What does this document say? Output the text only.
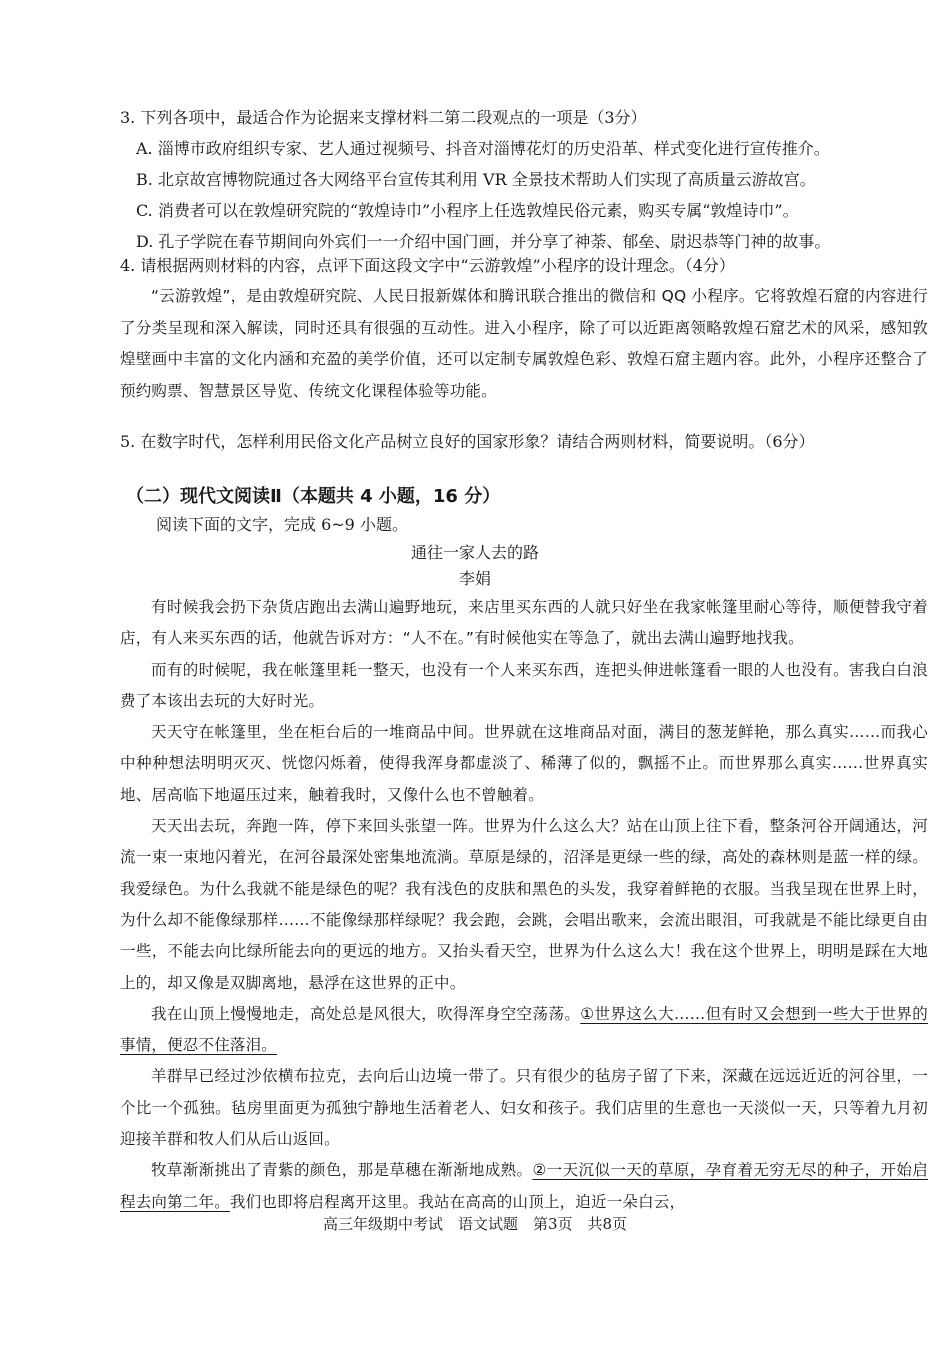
3. 下列各项中，最适合作为论据来支撑材料二第二段观点的一项是（3分）

A. 淄博市政府组织专家、艺人通过视频号、抖音对淄博花灯的历史沿革、样式变化进行宣传推介。

B. 北京故宫博物院通过各大网络平台宣传其利用 VR 全景技术帮助人们实现了高质量云游故宫。

C. 消费者可以在敦煌研究院的“敦煌诗巾”小程序上任选敦煌民俗元素，购买专属“敦煌诗巾”。

D. 孔子学院在春节期间向外宾们一一介绍中国门画，并分享了神荼、郁垒、尉迟恭等门神的故事。

4. 请根据两则材料的内容，点评下面这段文字中“云游敦煌”小程序的设计理念。（4分）

“云游敦煌”，是由敦煌研究院、人民日报新媒体和腾讯联合推出的微信和 QQ 小程序。它将敦煌石窟的内容进行了分类呈现和深入解读，同时还具有很强的互动性。进入小程序，除了可以近距离领略敦煌石窟艺术的风采，感知敦煌壁画中丰富的文化内涵和充盈的美学价值，还可以定制专属敦煌色彩、敦煌石窟主题内容。此外，小程序还整合了预约购票、智慧景区导览、传统文化课程体验等功能。

5. 在数字时代，怎样利用民俗文化产品树立良好的国家形象？请结合两则材料，简要说明。（6分）

（二）现代文阅读Ⅱ（本题共 4 小题，16 分）
阅读下面的文字，完成 6~9 小题。
通往一家人去的路
李娟

有时候我会扔下杂货店跑出去满山遍野地玩，来店里买东西的人就只好坐在我家帐篷里耐心等待，顺便替我守着店，有人来买东西的话，他就告诉对方：“人不在。”有时候他实在等急了，就出去满山遍野地找我。

而有的时候呢，我在帐篷里耗一整天，也没有一个人来买东西，连把头伸进帐篷看一眼的人也没有。害我白白浪费了本该出去玩的大好时光。

天天守在帐篷里，坐在柜台后的一堆商品中间。世界就在这堆商品对面，满目的葱茏鲜艳，那么真实……而我心中种种想法明明灭灭、恍惚闪烁着，使得我浑身都虚淡了、稀薄了似的，飘摇不止。而世界那么真实……世界真实地、居高临下地逼压过来，触着我时，又像什么也不曾触着。

天天出去玩，奔跑一阵，停下来回头张望一阵。世界为什么这么大？站在山顶上往下看，整条河谷开阔通达，河流一束一束地闪着光，在河谷最深处密集地流淌。草原是绿的，沼泽是更绿一些的绿，高处的森林则是蓝一样的绿。我爱绿色。为什么我就不能是绿色的呢？我有浅色的皮肤和黑色的头发，我穿着鲜艳的衣服。当我呈现在世界上时，为什么却不能像绿那样……不能像绿那样绿呢？我会跑，会跳，会唱出歌来，会流出眼泪，可我就是不能比绿更自由一些，不能去向比绿所能去向的更远的地方。又抬头看天空，世界为什么这么大！我在这个世界上，明明是踩在大地上的，却又像是双脚离地，悬浮在这世界的正中。

我在山顶上慢慢地走，高处总是风很大，吹得浑身空空荡荡。①世界这么大……但有时又会想到一些大于世界的事情，便忍不住落泪。

羊群早已经过沙依横布拉克，去向后山边境一带了。只有很少的毡房子留了下来，深藏在远远近近的河谷里，一个比一个孤独。毡房里面更为孤独宁静地生活着老人、妇女和孩子。我们店里的生意也一天淡似一天，只等着九月初迎接羊群和牧人们从后山返回。

牧草渐渐挑出了青紫的颜色，那是草穗在渐渐地成熟。②一天沉似一天的草原，孕育着无穷无尽的种子，开始启程去向第二年。我们也即将启程离开这里。我站在高高的山顶上，迫近一朵白云，

高三年级期中考试　语文试题　第3页　共8页
